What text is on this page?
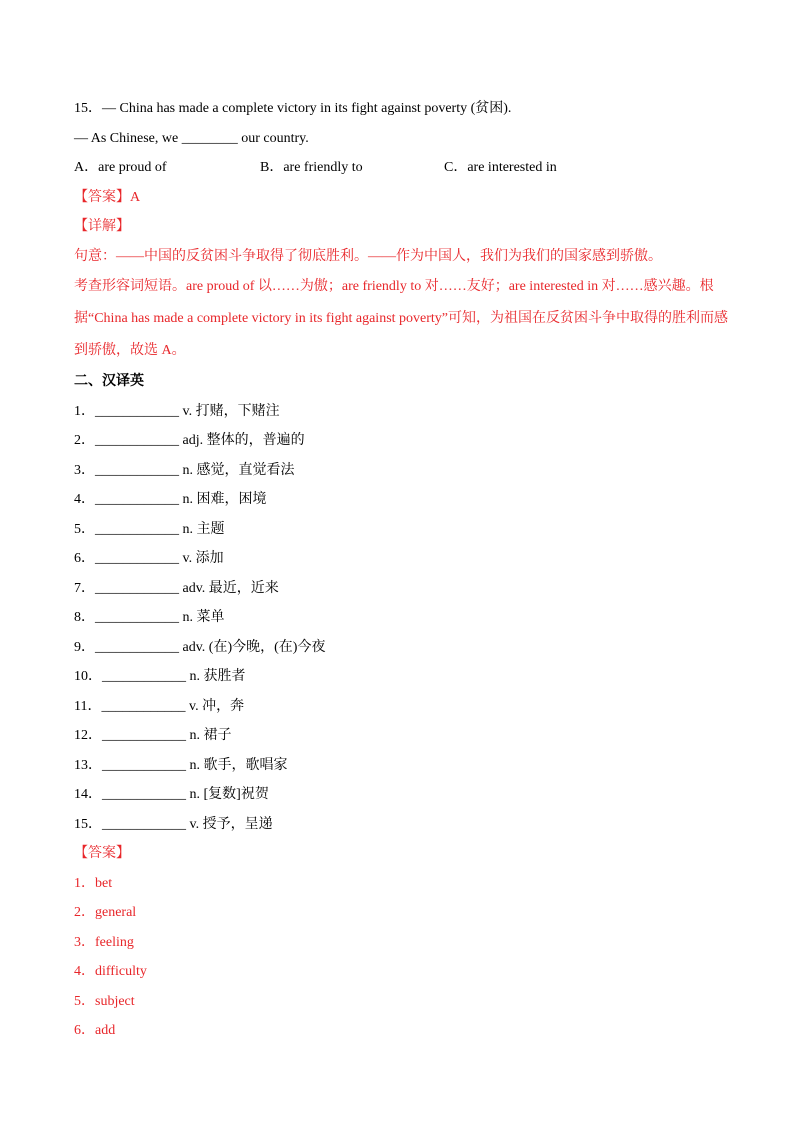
15．— China has made a complete victory in its fight against poverty (贫困).
— As Chinese, we ________ our country.
A．are proud of	B．are friendly to	C．are interested in
【答案】A
【详解】
句意：——中国的反贫困斗争取得了彻底胜利。——作为中国人，我们为我们的国家感到骄傲。
考查形容词短语。are proud of 以……为傲；are friendly to 对……友好；are interested in 对……感兴趣。根据“China has made a complete victory in its fight against poverty”可知，为祖国在反贫困斗争中取得的胜利而感到骄傲，故选 A。
二、汉译英
1．____________ v. 打赌，下赌注
2．____________ adj. 整体的，普遍的
3．____________ n. 感觉，直觉看法
4．____________ n. 困难，困境
5．____________ n. 主题
6．____________ v. 添加
7．____________ adv. 最近，近来
8．____________ n. 菜单
9．____________ adv. (在)今晚，(在)今夜
10．____________ n. 获胜者
11．____________ v. 冲，奔
12．____________ n. 裙子
13．____________ n. 歌手，歌唱家
14．____________ n. [复数]祝贺
15．____________ v. 授予，呈递
【答案】
1．bet
2．general
3．feeling
4．difficulty
5．subject
6．add
